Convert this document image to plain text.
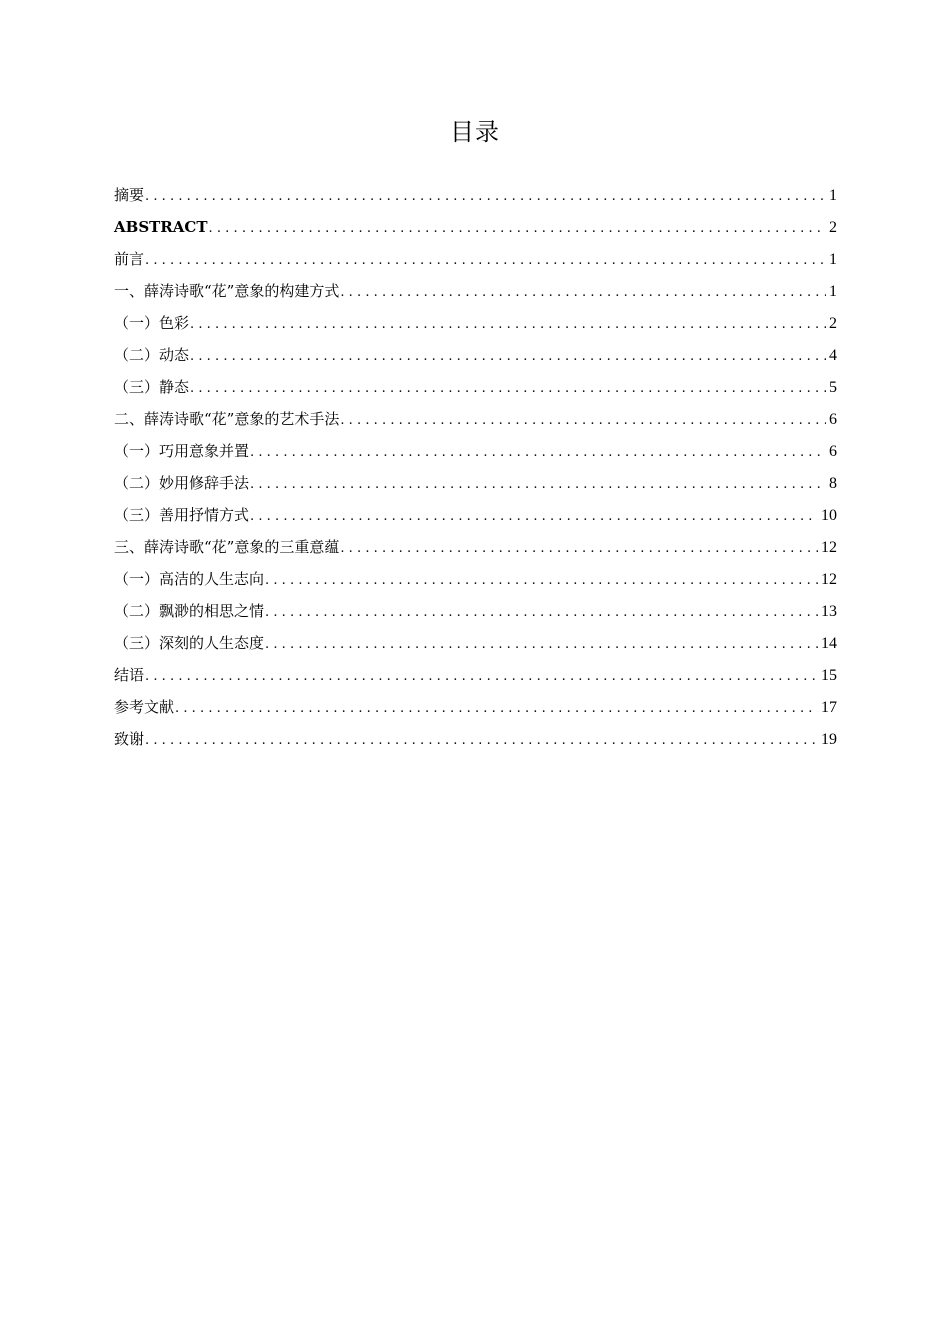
目录
摘要 .....	1
ABSTRACT .....	2
前言 .....	1
一、薛涛诗歌“花”意象的构建方式 .....	1
（一）色彩 .....	2
（二）动态 .....	4
（三）静态 .....	5
二、薛涛诗歌“花”意象的艺术手法 .....	6
（一）巧用意象并置 .....	6
（二）妙用修辞手法 .....	8
（三）善用抒情方式 .....	10
三、薛涛诗歌“花”意象的三重意蕴 .....	12
（一）高洁的人生志向 .....	12
（二）飘渺的相思之情 .....	13
（三）深刻的人生态度 .....	14
结语 .....	15
参考文献 .....	17
致谢 .....	19
